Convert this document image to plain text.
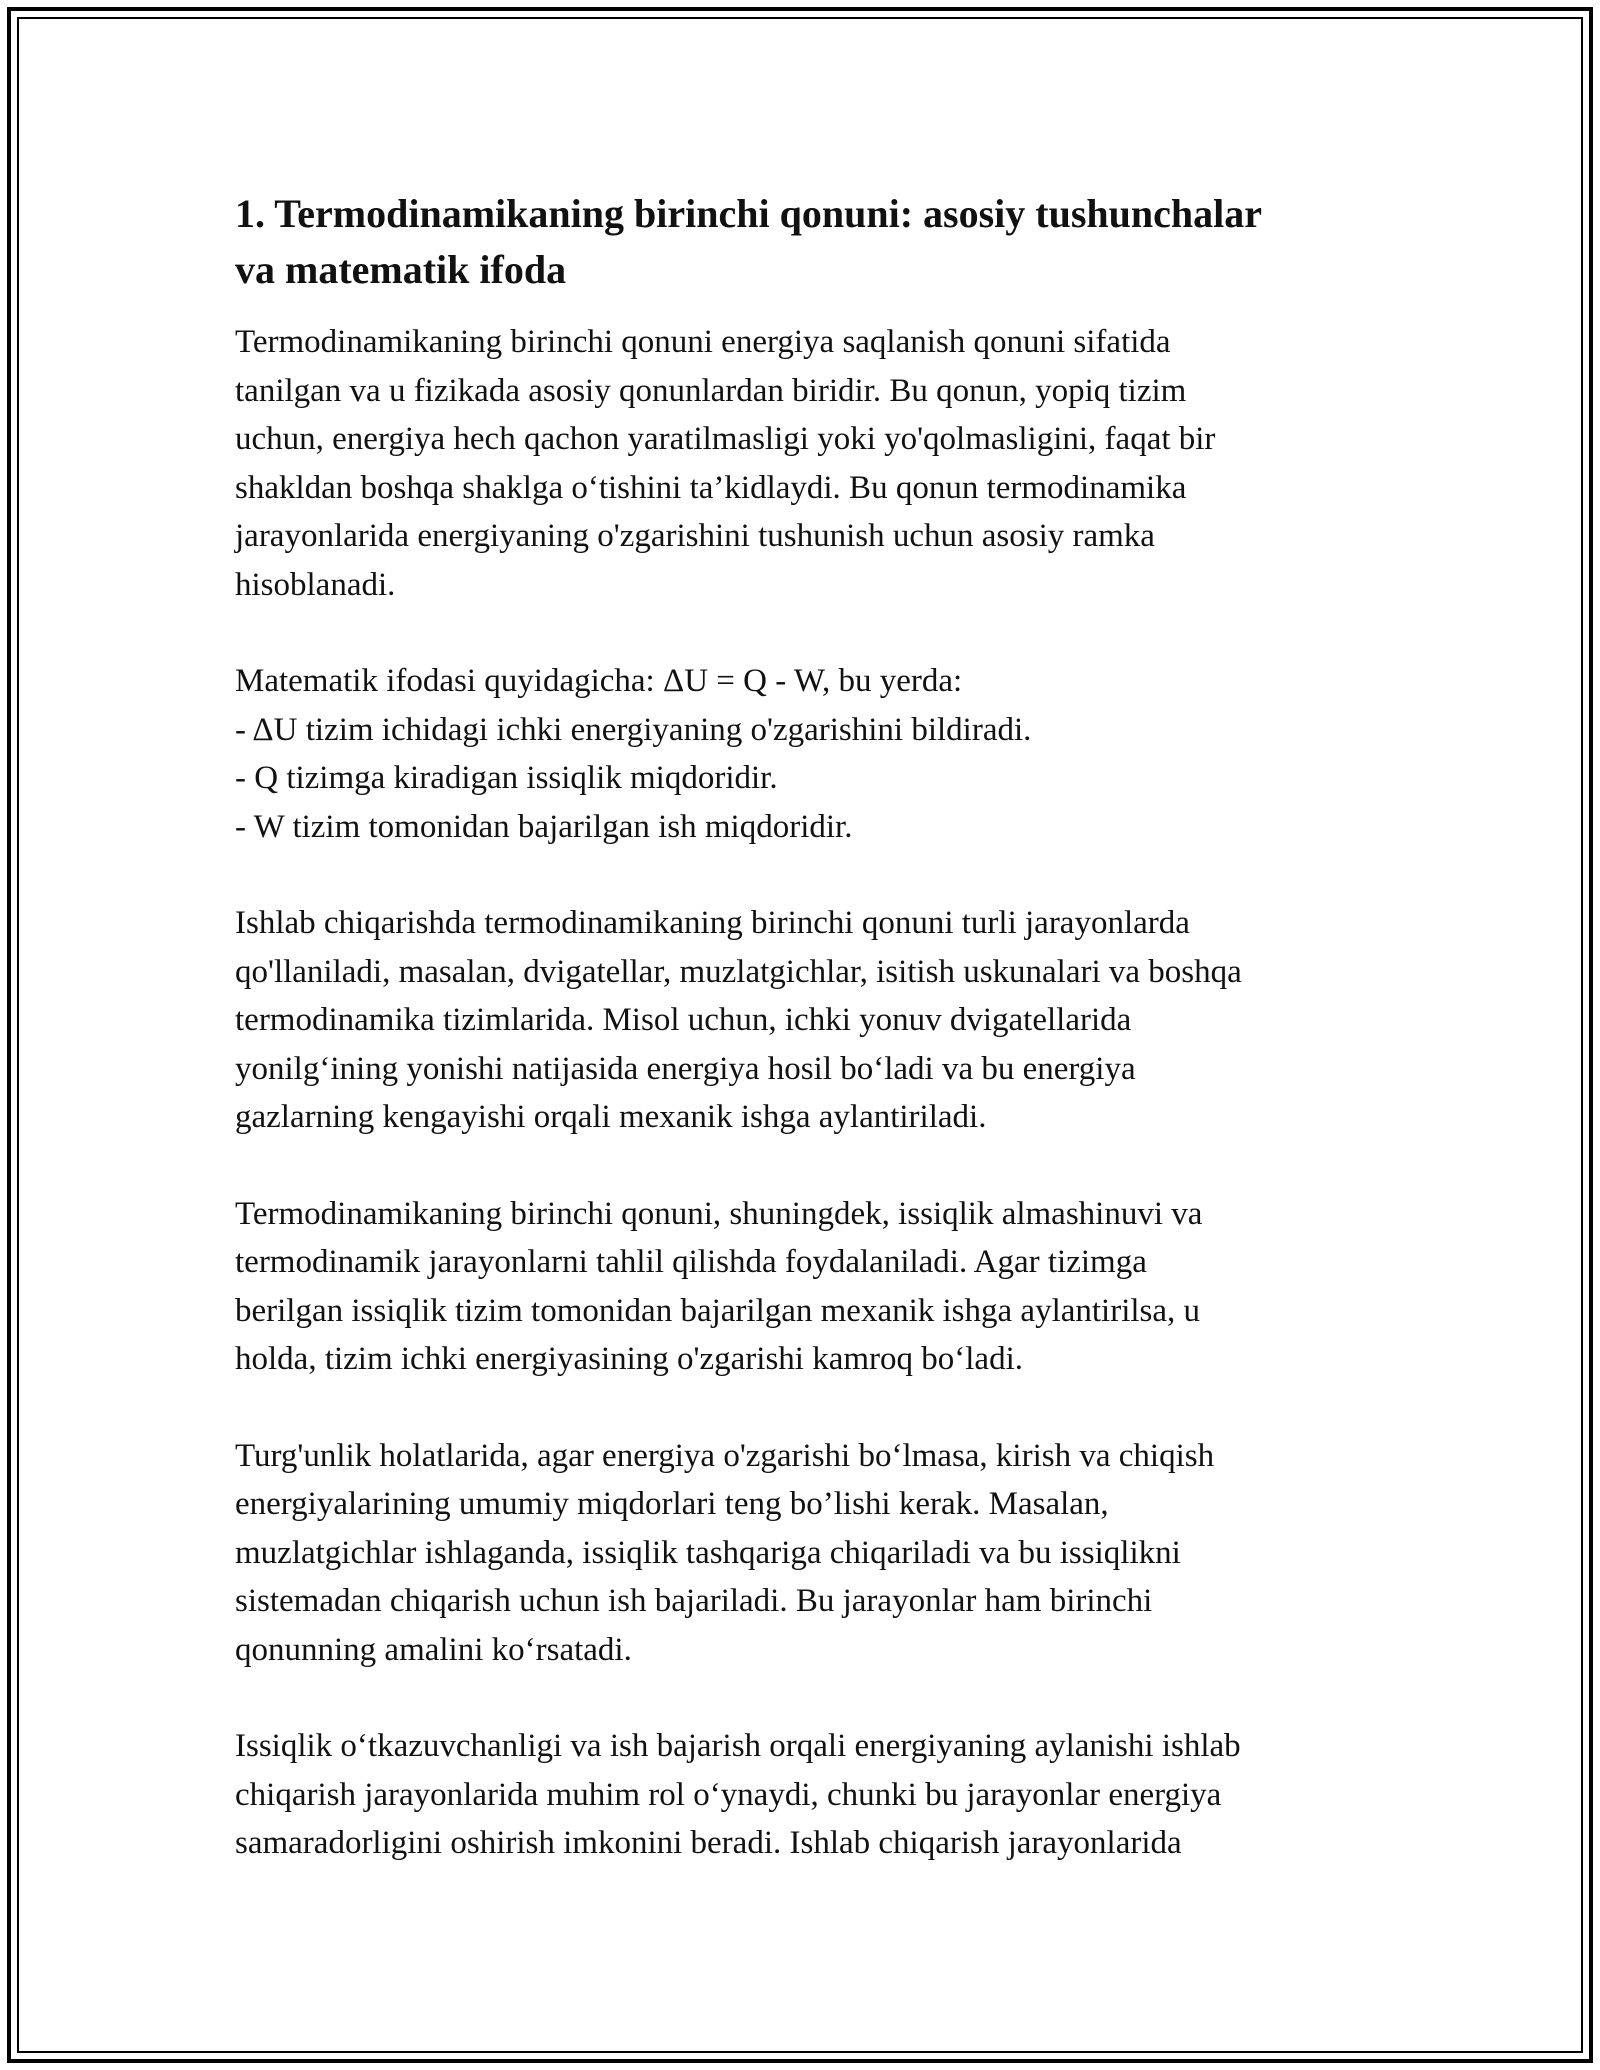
1. Termodinamikaning birinchi qonuni: asosiy tushunchalar
va matematik ifoda

Termodinamikaning birinchi qonuni energiya saqlanish qonuni sifatida
tanilgan va u fizikada asosiy qonunlardan biridir. Bu qonun, yopiq tizim
uchun, energiya hech qachon yaratilmasligi yoki yo'qolmasligini, faqat bir
shakldan boshqa shaklga o‘tishini ta’kidlaydi. Bu qonun termodinamika
jarayonlarida energiyaning o'zgarishini tushunish uchun asosiy ramka
hisoblanadi.

Matematik ifodasi quyidagicha: ΔU = Q - W, bu yerda:
- ΔU tizim ichidagi ichki energiyaning o'zgarishini bildiradi.
- Q tizimga kiradigan issiqlik miqdoridir.
- W tizim tomonidan bajarilgan ish miqdoridir.

Ishlab chiqarishda termodinamikaning birinchi qonuni turli jarayonlarda
qo'llaniladi, masalan, dvigatellar, muzlatgichlar, isitish uskunalari va boshqa
termodinamika tizimlarida. Misol uchun, ichki yonuv dvigatellarida
yonilg‘ining yonishi natijasida energiya hosil bo‘ladi va bu energiya
gazlarning kengayishi orqali mexanik ishga aylantiriladi.

Termodinamikaning birinchi qonuni, shuningdek, issiqlik almashinuvi va
termodinamik jarayonlarni tahlil qilishda foydalaniladi. Agar tizimga
berilgan issiqlik tizim tomonidan bajarilgan mexanik ishga aylantirilsa, u
holda, tizim ichki energiyasining o'zgarishi kamroq bo‘ladi.

Turg'unlik holatlarida, agar energiya o'zgarishi bo‘lmasa, kirish va chiqish
energiyalarining umumiy miqdorlari teng bo’lishi kerak. Masalan,
muzlatgichlar ishlaganda, issiqlik tashqariga chiqariladi va bu issiqlikni
sistemadan chiqarish uchun ish bajariladi. Bu jarayonlar ham birinchi
qonunning amalini ko‘rsatadi.

Issiqlik o‘tkazuvchanligi va ish bajarish orqali energiyaning aylanishi ishlab
chiqarish jarayonlarida muhim rol o‘ynaydi, chunki bu jarayonlar energiya
samaradorligini oshirish imkonini beradi. Ishlab chiqarish jarayonlarida
